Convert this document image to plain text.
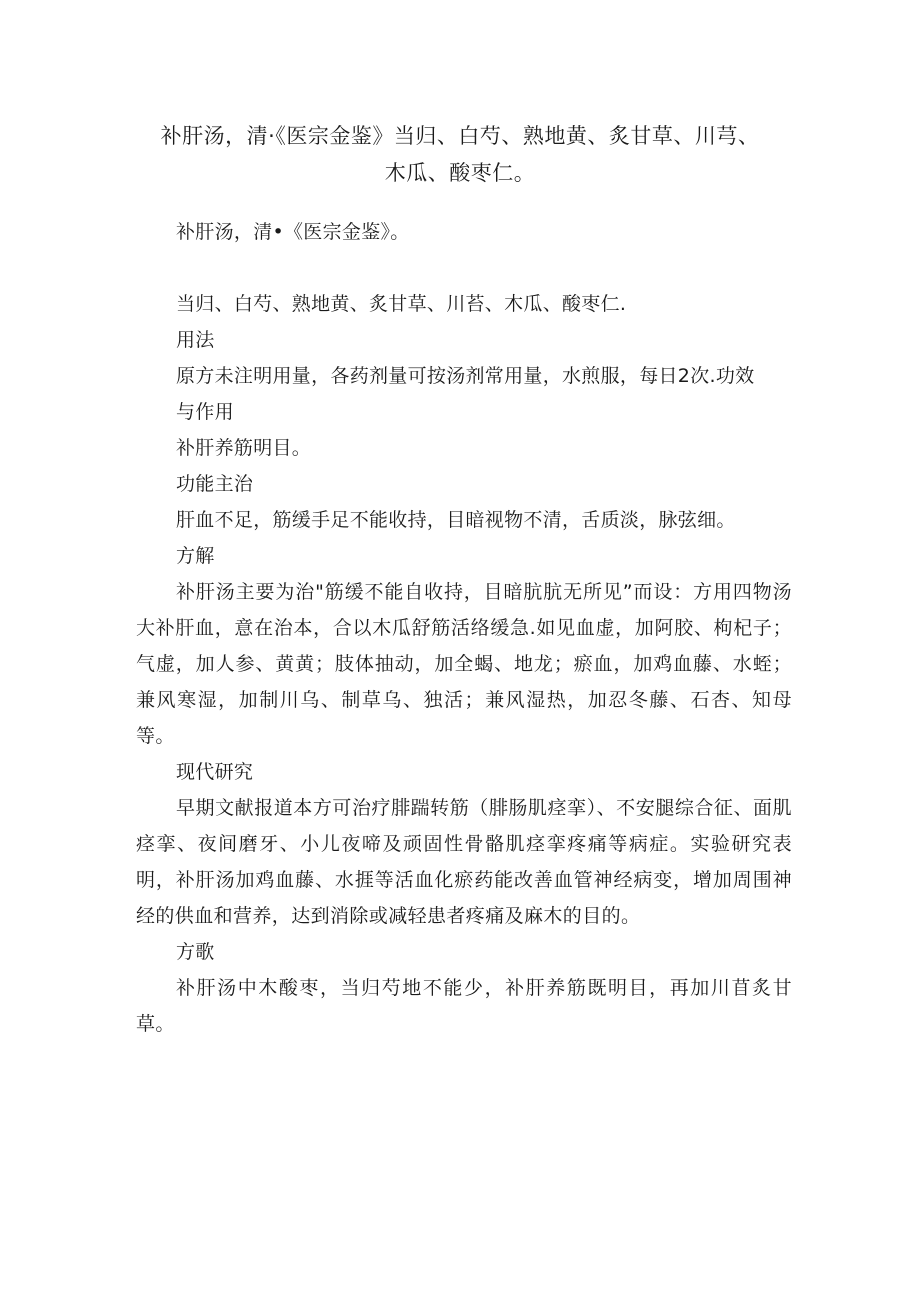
补肝汤，清·《医宗金鉴》当归、白芍、熟地黄、炙甘草、川芎、木瓜、酸枣仁。
补肝汤，清•《医宗金鉴》。
当归、白芍、熟地黄、炙甘草、川苔、木瓜、酸枣仁.
用法
原方未注明用量，各药剂量可按汤剂常用量，水煎服，每日2次.功效
与作用
补肝养筋明目。
功能主治
肝血不足，筋缓手足不能收持，目暗视物不清，舌质淡，脉弦细。
方解
补肝汤主要为治"筋缓不能自收持，目暗肮肮无所见”而设：方用四物汤大补肝血，意在治本，合以木瓜舒筋活络缓急.如见血虚，加阿胶、枸杞子；气虚，加人参、黄黄；肢体抽动，加全蝎、地龙；瘀血，加鸡血藤、水蛭；兼风寒湿，加制川乌、制草乌、独活；兼风湿热，加忍冬藤、石杏、知母等。
现代研究
早期文献报道本方可治疗腓踹转筋（腓肠肌痉挛）、不安腿综合征、面肌痉挛、夜间磨牙、小儿夜啼及顽固性骨骼肌痉挛疼痛等病症。实验研究表明，补肝汤加鸡血藤、水捱等活血化瘀药能改善血管神经病变，增加周围神经的供血和营养，达到消除或减轻患者疼痛及麻木的目的。
方歌
补肝汤中木酸枣，当归芍地不能少，补肝养筋既明目，再加川苜炙甘草。
